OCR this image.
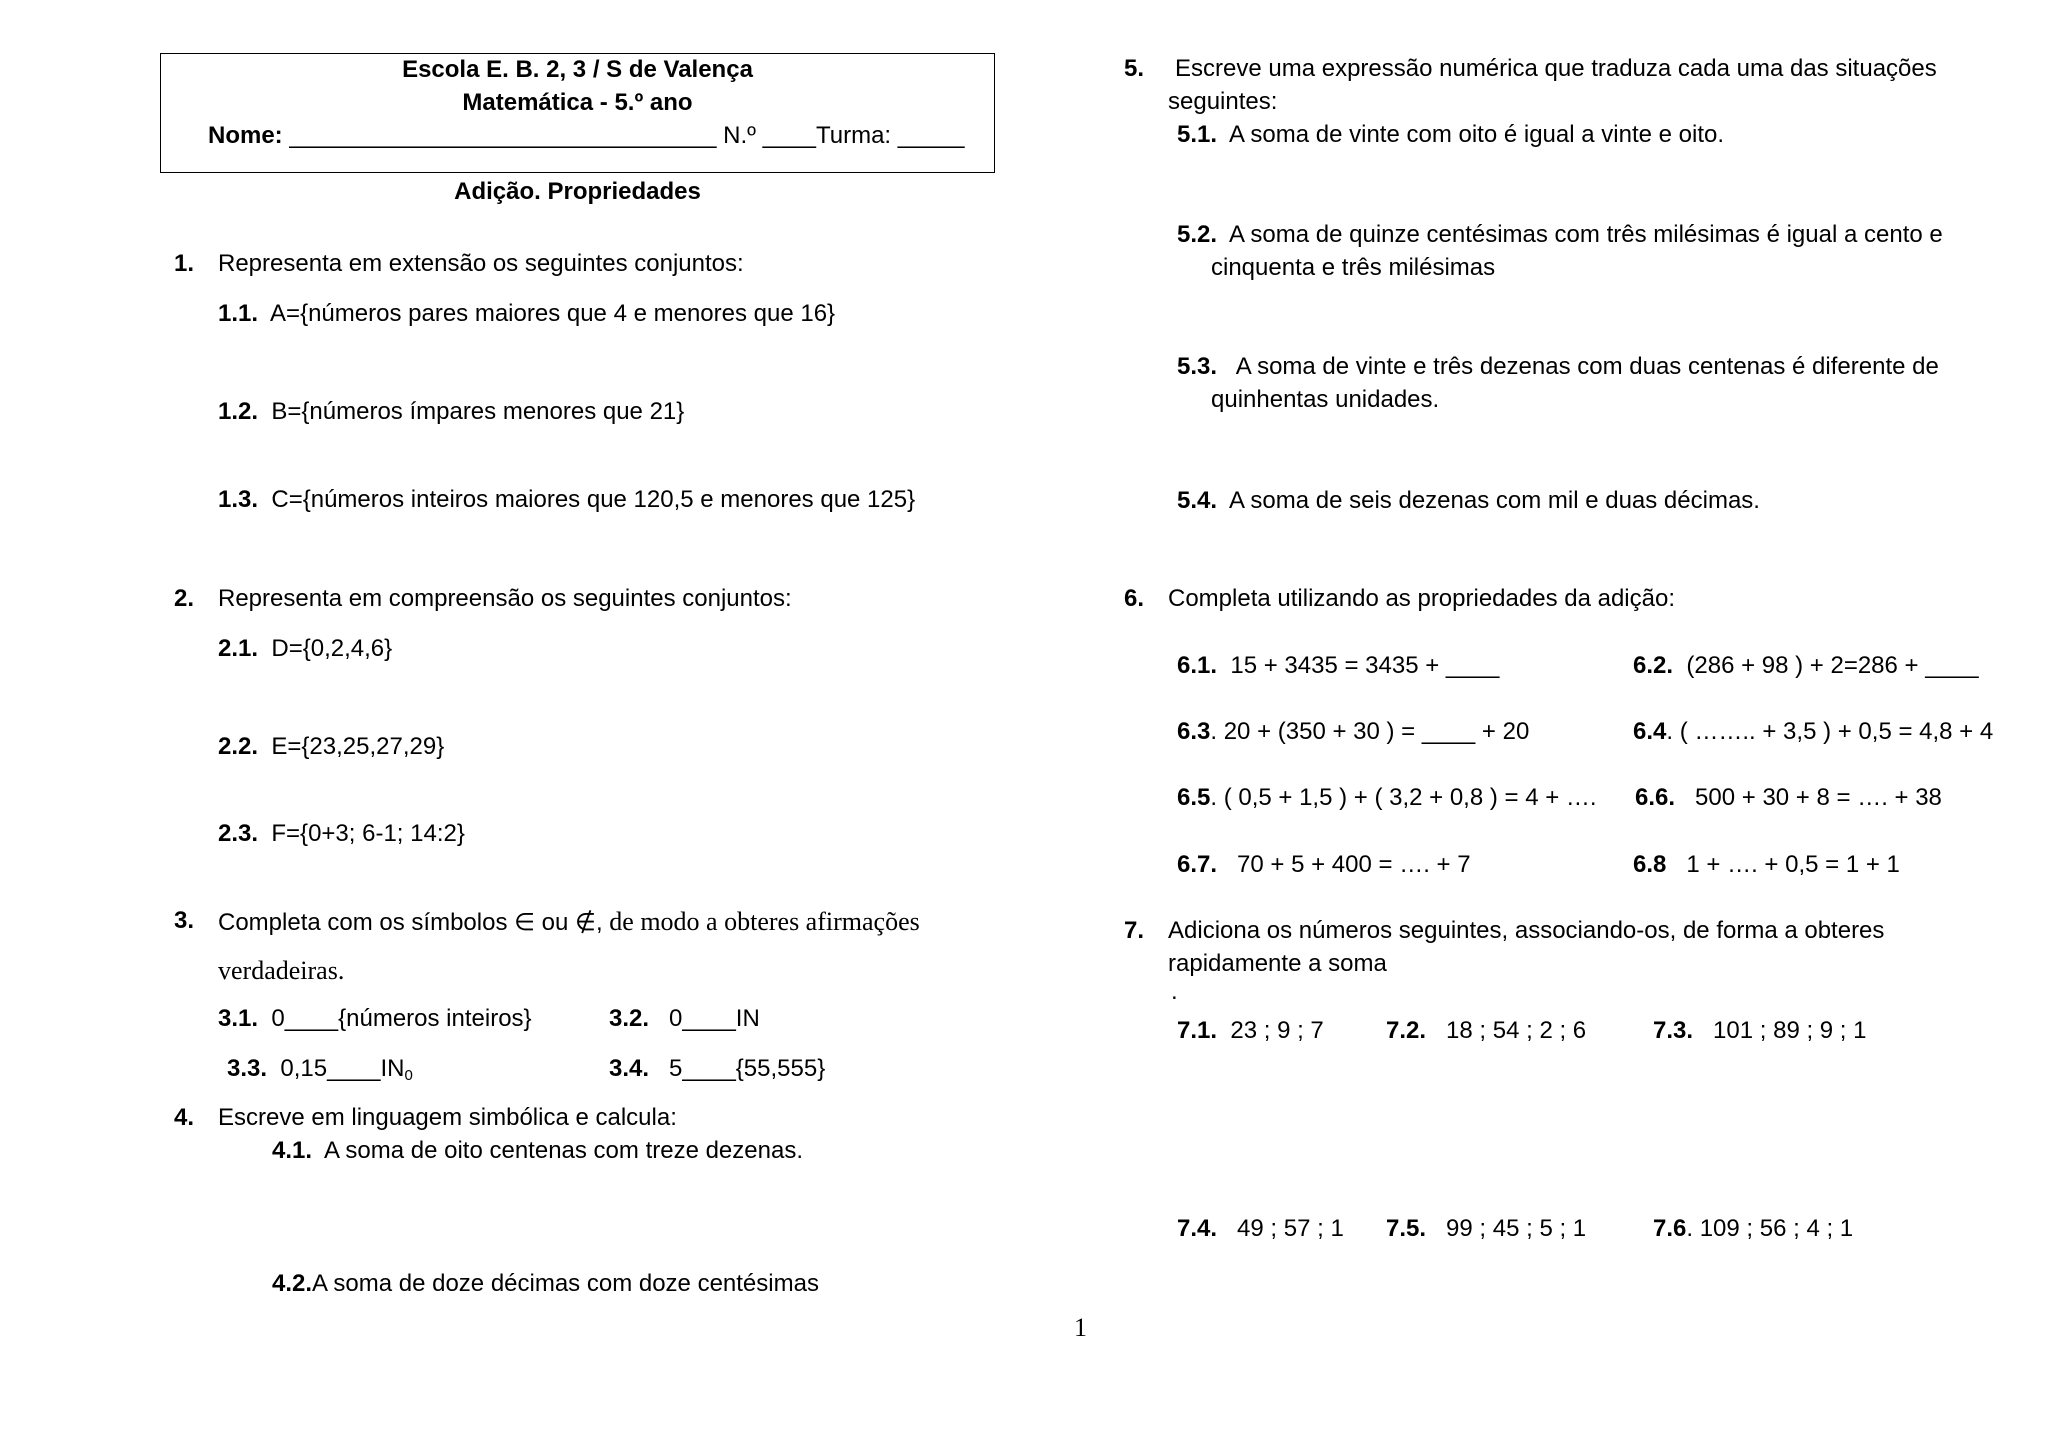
Escola E. B. 2, 3 / S de Valença
Matemática - 5.º ano
Nome: ________________________________ N.º ____Turma: _____
Adição. Propriedades
1. Representa em extensão os seguintes conjuntos:
1.1. A={números pares maiores que 4 e menores que 16}
1.2. B={números ímpares menores que 21}
1.3. C={números inteiros maiores que 120,5 e menores que 125}
2. Representa em compreensão os seguintes conjuntos:
2.1. D={0,2,4,6}
2.2. E={23,25,27,29}
2.3. F={0+3; 6-1; 14:2}
3. Completa com os símbolos ∈ ou ∉, de modo a obteres afirmações
verdadeiras.
3.1. 0____{números inteiros}	3.2. 0____IN
3.3. $0,15\_\_\_\_IN_0$	3.4. 5____{55,555}
4. Escreve em linguagem simbólica e calcula:
4.1. A soma de oito centenas com treze dezenas.
4.2.A soma de doze décimas com doze centésimas
5. Escreve uma expressão numérica que traduza cada uma das situações
seguintes:
5.1. A soma de vinte com oito é igual a vinte e oito.
5.2. A soma de quinze centésimas com três milésimas é igual a cento e
cinquenta e três milésimas
5.3. A soma de vinte e três dezenas com duas centenas é diferente de
quinhentas unidades.
5.4. A soma de seis dezenas com mil e duas décimas.
6. Completa utilizando as propriedades da adição:
6.1. 15 + 3435 = 3435 + ____	6.2. (286 + 98 ) + 2=286 + ____
6.3. 20 + (350 + 30 ) = ____ + 20	6.4. ( …….. + 3,5 ) + 0,5 = 4,8 + 4
6.5. ( 0,5 + 1,5 ) + ( 3,2 + 0,8 ) = 4 + …. 6.6. 500 + 30 + 8 = …. + 38
6.7. 70 + 5 + 400 = …. + 7	6.8 1 + …. + 0,5 = 1 + 1
7. Adiciona os números seguintes, associando-os, de forma a obteres
rapidamente a soma
.
7.1. 23 ; 9 ; 7	7.2. 18 ; 54 ; 2 ; 6	7.3. 101 ; 89 ; 9 ; 1
7.4. 49 ; 57 ; 1 7.5. 99 ; 45 ; 5 ; 1	7.6. 109 ; 56 ; 4 ; 1
1
